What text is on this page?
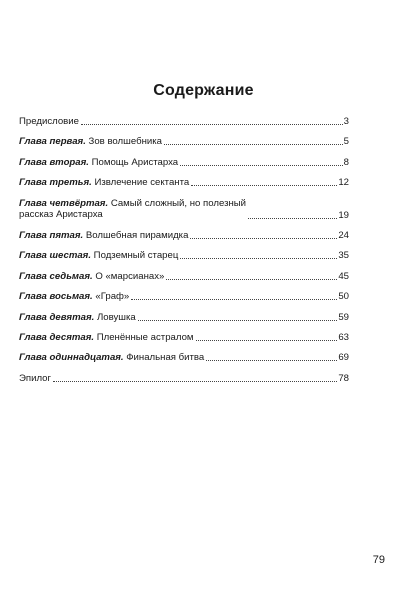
Содержание
Предисловие	3
Глава первая. Зов волшебника	5
Глава вторая. Помощь Аристарха	8
Глава третья. Извлечение сектанта	12
Глава четвёртая. Самый сложный, но полезный
рассказ Аристарха	19
Глава пятая. Волшебная пирамидка	24
Глава шестая. Подземный старец	35
Глава седьмая. О «марсианах»	45
Глава восьмая. «Граф»	50
Глава девятая. Ловушка	59
Глава десятая. Пленённые астралом	63
Глава одиннадцатая. Финальная битва	69
Эпилог	78
79
